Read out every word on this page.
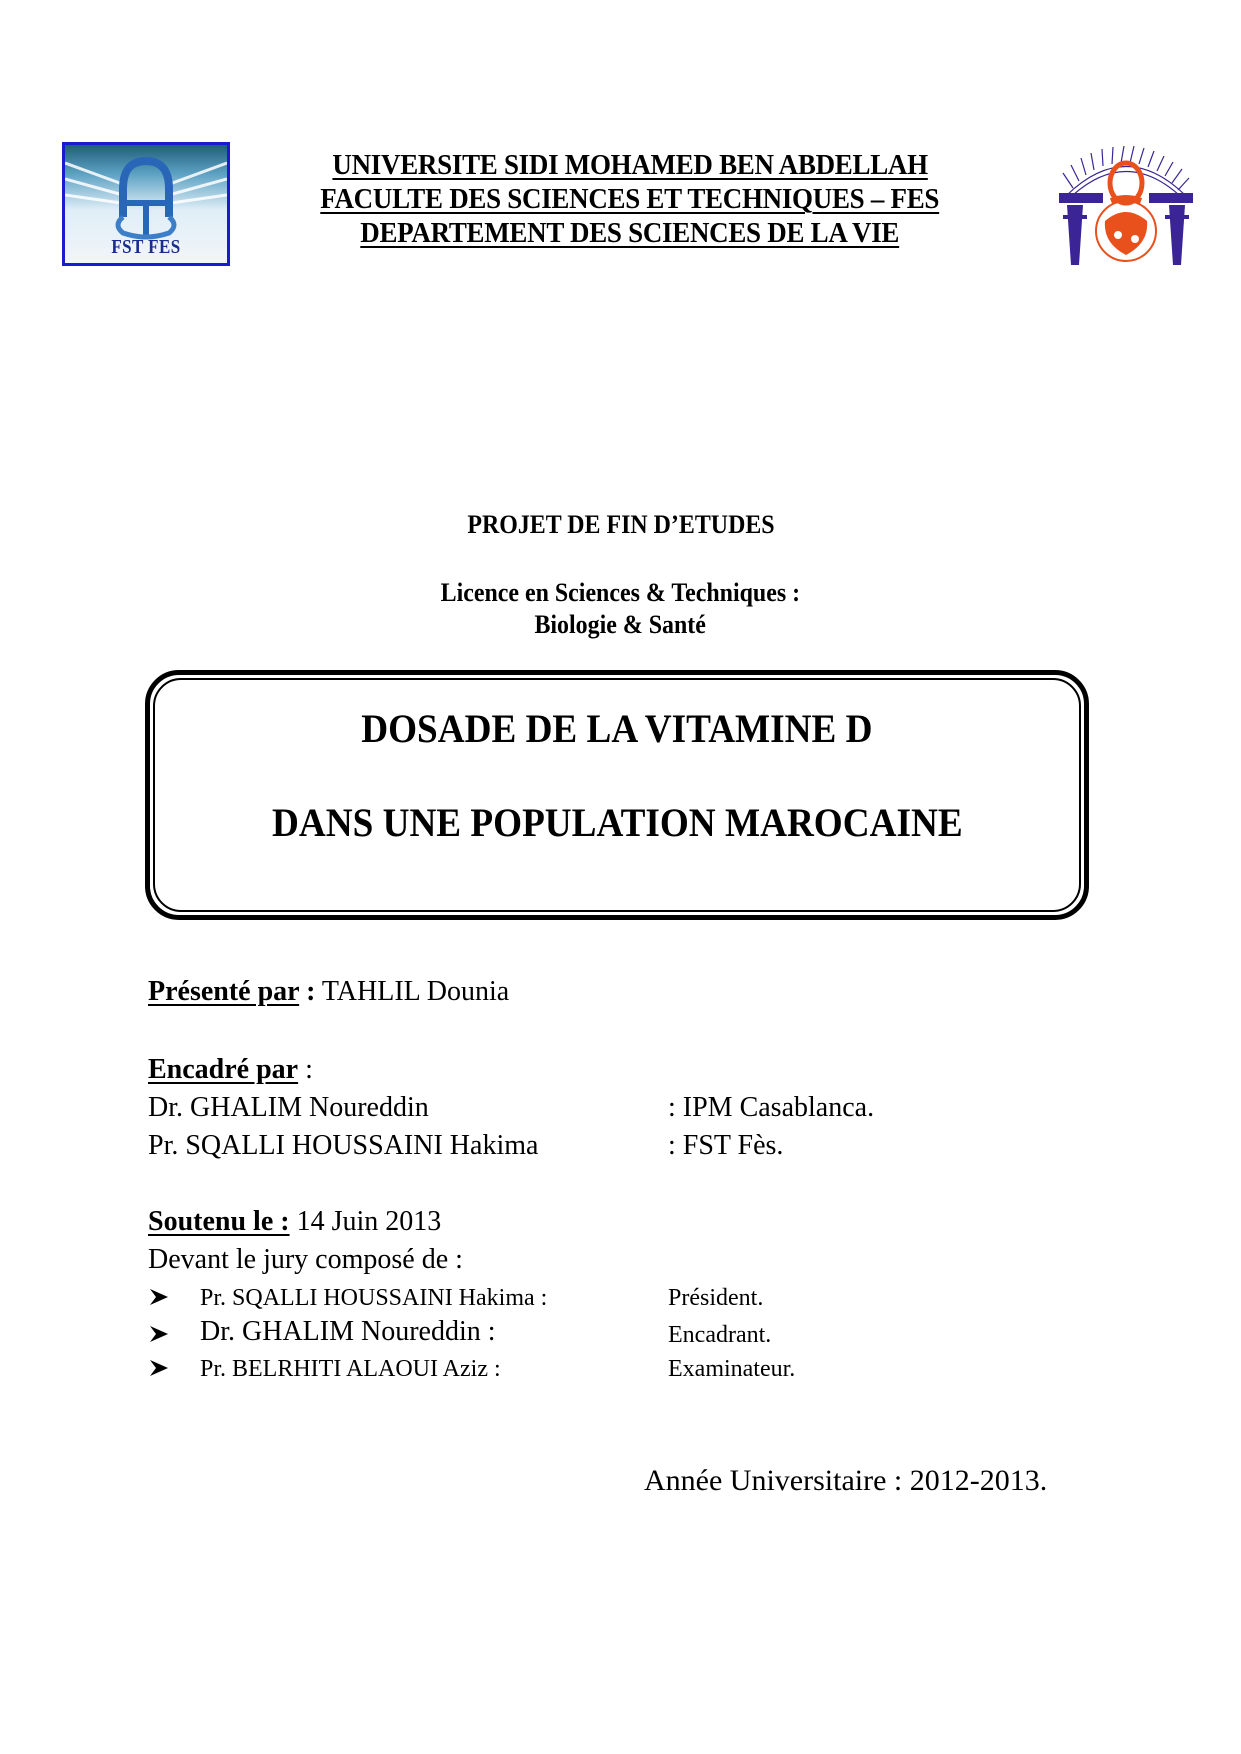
FST FES
UNIVERSITE SIDI MOHAMED BEN ABDELLAH
FACULTE DES SCIENCES ET TECHNIQUES – FES
DEPARTEMENT DES SCIENCES DE LA VIE
PROJET DE FIN D’ETUDES
Licence en Sciences & Techniques :
Biologie & Santé
DOSADE DE LA VITAMINE D
DANS UNE POPULATION MAROCAINE
Présenté par : TAHLIL Dounia
Encadré par :
Dr. GHALIM Noureddin	: IPM Casablanca.
Pr. SQALLI HOUSSAINI Hakima	: FST Fès.
Soutenu le : 14 Juin 2013
Devant le jury composé de :
Pr. SQALLI HOUSSAINI Hakima :	Président.
Dr. GHALIM Noureddin :	Encadrant.
Pr. BELRHITI ALAOUI Aziz :	Examinateur.
Année Universitaire : 2012-2013.
